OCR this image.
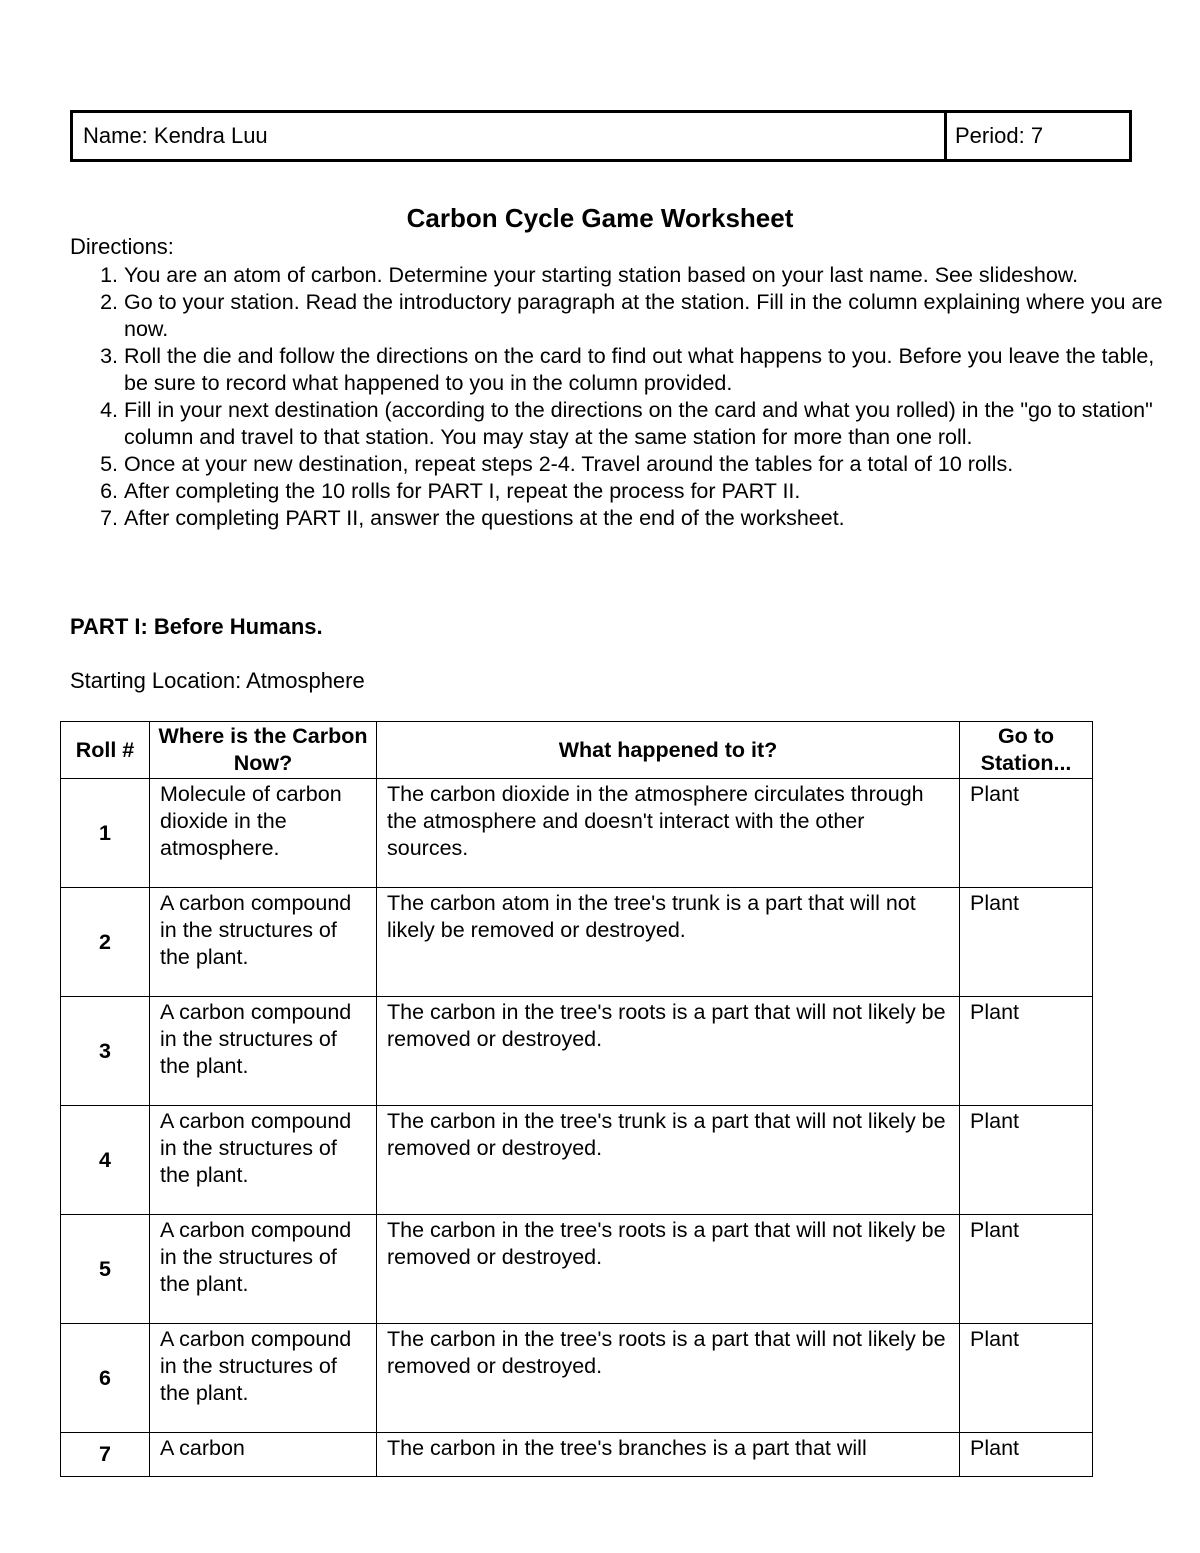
Name: Kendra Luu	Period: 7
Carbon Cycle Game Worksheet
Directions:
1. You are an atom of carbon. Determine your starting station based on your last name. See slideshow.
2. Go to your station. Read the introductory paragraph at the station. Fill in the column explaining where you are now.
3. Roll the die and follow the directions on the card to find out what happens to you. Before you leave the table, be sure to record what happened to you in the column provided.
4. Fill in your next destination (according to the directions on the card and what you rolled) in the "go to station" column and travel to that station. You may stay at the same station for more than one roll.
5. Once at your new destination, repeat steps 2-4. Travel around the tables for a total of 10 rolls.
6. After completing the 10 rolls for PART I, repeat the process for PART II.
7. After completing PART II, answer the questions at the end of the worksheet.
PART I: Before Humans.
Starting Location: Atmosphere
Roll #	Where is the Carbon Now?	What happened to it?	Go to Station...
1	Molecule of carbon dioxide in the atmosphere.	The carbon dioxide in the atmosphere circulates through the atmosphere and doesn't interact with the other sources.	Plant
2	A carbon compound in the structures of the plant.	The carbon atom in the tree's trunk is a part that will not likely be removed or destroyed.	Plant
3	A carbon compound in the structures of the plant.	The carbon in the tree's roots is a part that will not likely be removed or destroyed.	Plant
4	A carbon compound in the structures of the plant.	The carbon in the tree's trunk is a part that will not likely be removed or destroyed.	Plant
5	A carbon compound in the structures of the plant.	The carbon in the tree's roots is a part that will not likely be removed or destroyed.	Plant
6	A carbon compound in the structures of the plant.	The carbon in the tree's roots is a part that will not likely be removed or destroyed.	Plant
7	A carbon	The carbon in the tree's branches is a part that will	Plant
